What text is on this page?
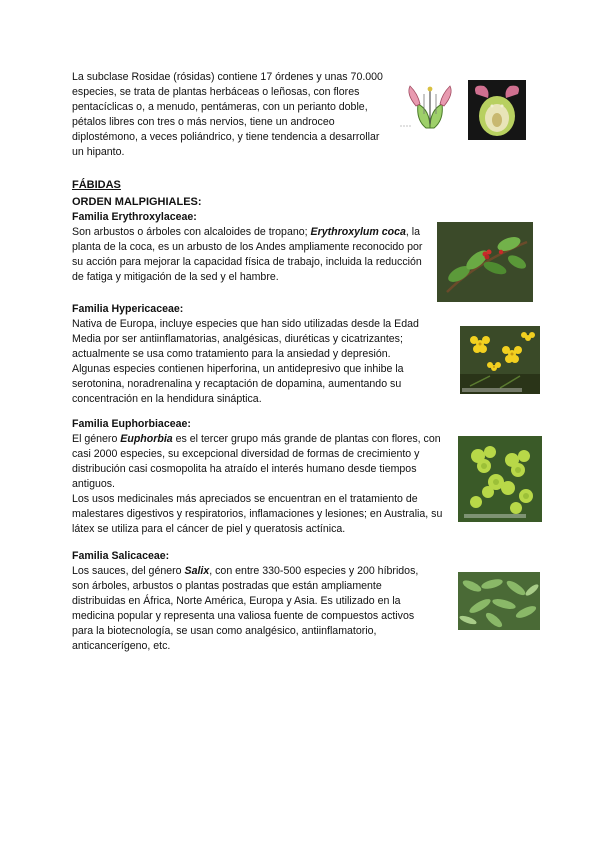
La subclase Rosidae (rósidas) contiene 17 órdenes y unas 70.000 especies, se trata de plantas herbáceas o leñosas, con flores pentacíclicas o, a menudo, pentámeras, con un perianto doble, pétalos libres con tres o más nervios, tiene un androceo diplostémono, a veces poliándrico, y tiene tendencia a desarrollar un hipanto.

FÁBIDAS
ORDEN MALPIGHIALES:

Familia Erythroxylaceae:

Son arbustos o árboles con alcaloides de tropano; Erythroxylum coca, la planta de la coca, es un arbusto de los Andes ampliamente reconocido por su acción para mejorar la capacidad física de trabajo, incluida la reducción de fatiga y mitigación de la sed y el hambre.

Familia Hypericaceae:

Nativa de Europa, incluye especies que han sido utilizadas desde la Edad Media por ser antiinflamatorias, analgésicas, diuréticas y cicatrizantes; actualmente se usa como tratamiento para la ansiedad y depresión.

Algunas especies contienen hiperforina, un antidepresivo que inhibe la serotonina, noradrenalina y recaptación de dopamina, aumentando su concentración en la hendidura sináptica.

Familia Euphorbiaceae:

El género Euphorbia es el tercer grupo más grande de plantas con flores, con casi 2000 especies, su excepcional diversidad de formas de crecimiento y distribución casi cosmopolita ha atraído el interés humano desde tiempos antiguos.

Los usos medicinales más apreciados se encuentran en el tratamiento de malestares digestivos y respiratorios, inflamaciones y lesiones; en Australia, su látex se utiliza para el cáncer de piel y queratosis actínica.

Familia Salicaceae:

Los sauces, del género Salix, con entre 330-500 especies y 200 híbridos, son árboles, arbustos o plantas postradas que están ampliamente distribuidas en África, Norte América, Europa y Asia. Es utilizado en la medicina popular y representa una valiosa fuente de compuestos activos para la biotecnología, se usan como analgésico, antiinflamatorio, anticancerígeno, etc.
